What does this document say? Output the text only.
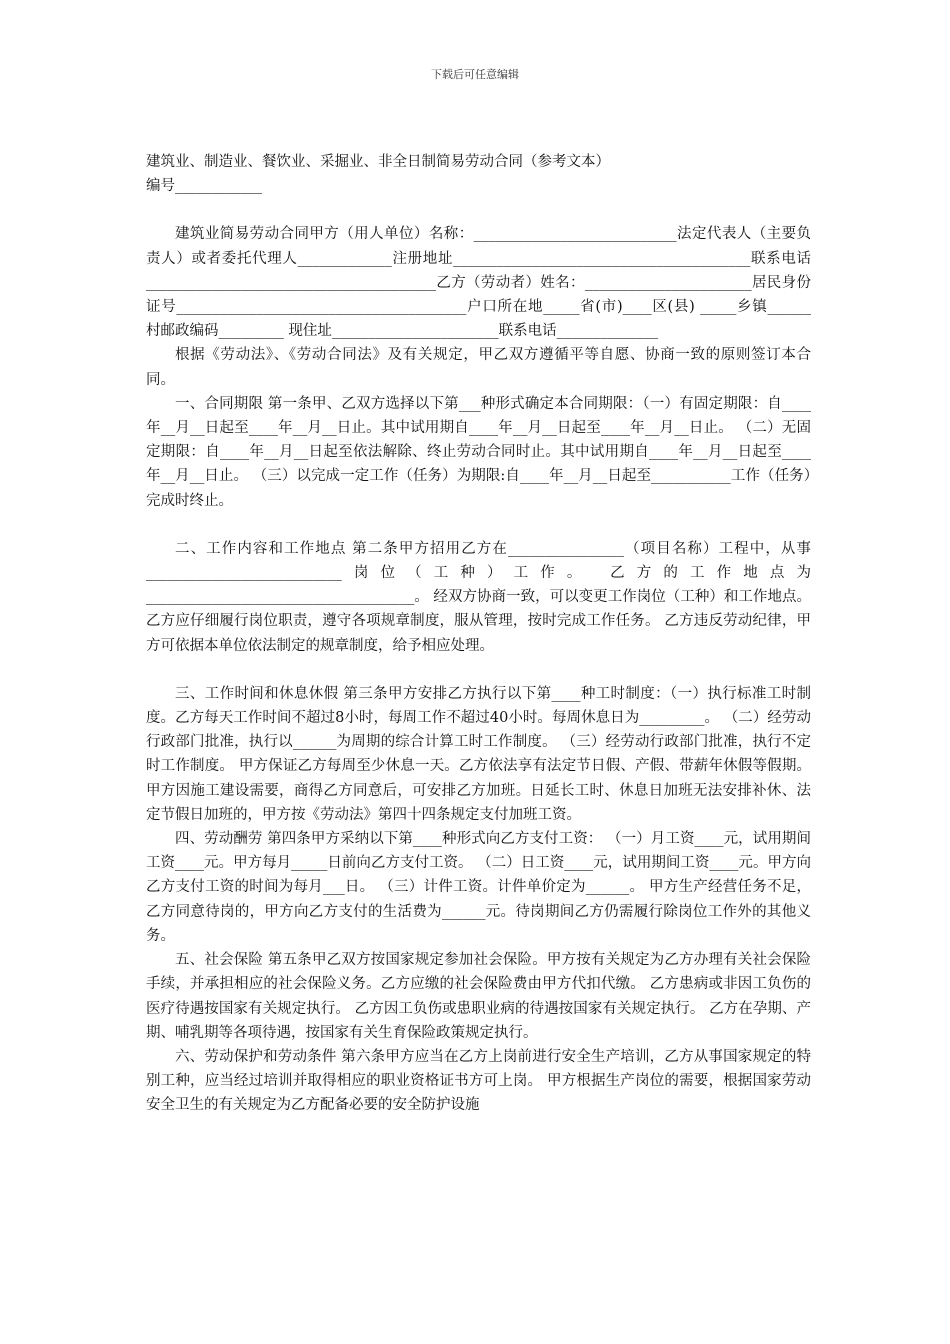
下载后可任意编辑

建筑业、制造业、餐饮业、采掘业、非全日制简易劳动合同（参考文本）

编号____________

建筑业简易劳动合同甲方（用人单位）名称：____________________________法定代表人（主要负责人）或者委托代理人_____________注册地址_________________________________________联系电话________________________________________乙方（劳动者）姓名：_______________________居民身份证号________________________________________户口所在地_____省(市)____区(县) _____乡镇______村邮政编码_________ 现住址_______________________联系电话______________

根据《劳动法》、《劳动合同法》及有关规定，甲乙双方遵循平等自愿、协商一致的原则签订本合同。

一、合同期限 第一条甲、乙双方选择以下第___种形式确定本合同期限：（一）有固定期限：自____年__月__日起至____年__月__日止。其中试用期自____年__月__日起至____年__月__日止。 （二）无固定期限：自____年__月__日起至依法解除、终止劳动合同时止。其中试用期自____年__月__日起至____年__月__日止。 （三）以完成一定工作（任务）为期限:自____年__月__日起至___________工作（任务）完成时终止。

二、工作内容和工作地点 第二条甲方招用乙方在________________（项目名称）工程中，从事___________________________岗位（工种）工作。 乙方的工作地点为_____________________________________。 经双方协商一致，可以变更工作岗位（工种）和工作地点。 乙方应仔细履行岗位职责，遵守各项规章制度，服从管理，按时完成工作任务。 乙方违反劳动纪律，甲方可依据本单位依法制定的规章制度，给予相应处理。

三、工作时间和休息休假 第三条甲方安排乙方执行以下第____种工时制度：（一）执行标准工时制度。乙方每天工作时间不超过8小时，每周工作不超过40小时。每周休息日为_________。 （二）经劳动行政部门批准，执行以______为周期的综合计算工时工作制度。 （三）经劳动行政部门批准，执行不定时工作制度。 甲方保证乙方每周至少休息一天。乙方依法享有法定节日假、产假、带薪年休假等假期。 甲方因施工建设需要，商得乙方同意后，可安排乙方加班。日延长工时、休息日加班无法安排补休、法定节假日加班的，甲方按《劳动法》第四十四条规定支付加班工资。

四、劳动酬劳 第四条甲方采纳以下第____种形式向乙方支付工资： （一）月工资____元，试用期间工资____元。甲方每月_____日前向乙方支付工资。 （二）日工资____元，试用期间工资____元。甲方向乙方支付工资的时间为每月___日。 （三）计件工资。计件单价定为______。 甲方生产经营任务不足，乙方同意待岗的，甲方向乙方支付的生活费为______元。待岗期间乙方仍需履行除岗位工作外的其他义务。

五、社会保险 第五条甲乙双方按国家规定参加社会保险。甲方按有关规定为乙方办理有关社会保险手续，并承担相应的社会保险义务。乙方应缴的社会保险费由甲方代扣代缴。 乙方患病或非因工负伤的医疗待遇按国家有关规定执行。 乙方因工负伤或患职业病的待遇按国家有关规定执行。 乙方在孕期、产期、哺乳期等各项待遇，按国家有关生育保险政策规定执行。

六、劳动保护和劳动条件 第六条甲方应当在乙方上岗前进行安全生产培训，乙方从事国家规定的特别工种，应当经过培训并取得相应的职业资格证书方可上岗。 甲方根据生产岗位的需要，根据国家劳动安全卫生的有关规定为乙方配备必要的安全防护设施
